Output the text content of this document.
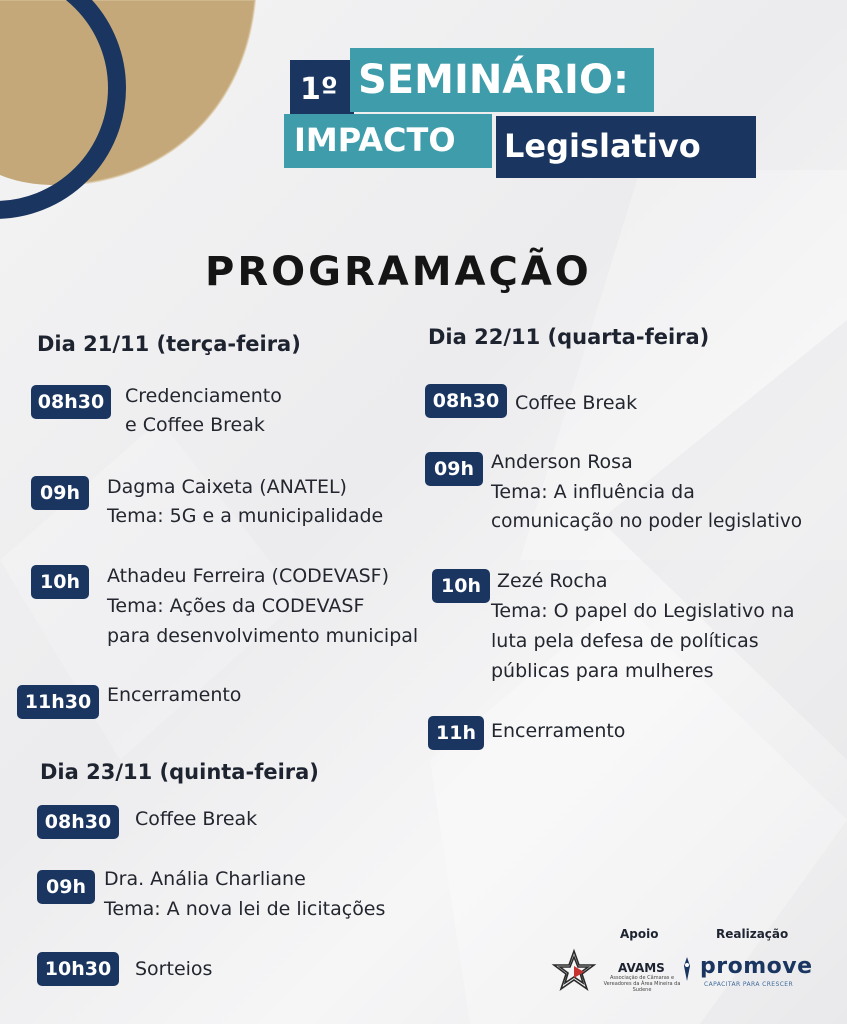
1º SEMINÁRIO:
IMPACTO Legislativo
PROGRAMAÇÃO
Dia 21/11 (terça-feira)
08h30	Credenciamento
e Coffee Break
09h	Dagma Caixeta (ANATEL)
Tema: 5G e a municipalidade
10h	Athadeu Ferreira (CODEVASF)
Tema: Ações da CODEVASF
para desenvolvimento municipal
11h30 Encerramento
Dia 22/11 (quarta-feira)
08h30 Coffee Break
09h Anderson Rosa
Tema: A influência da
comunicação no poder legislativo
10h Zezé Rocha
Tema: O papel do Legislativo na
luta pela defesa de políticas
públicas para mulheres
11h Encerramento
Dia 23/11 (quinta-feira)
08h30	Coffee Break
09h Dra. Anália Charliane
Tema: A nova lei de licitações
10h30	Sorteios
Apoio	Realização
AVAMS
Associação de Câmaras e Vereadores da Área Mineira da Sudene
promove
CAPACITAR PARA CRESCER
